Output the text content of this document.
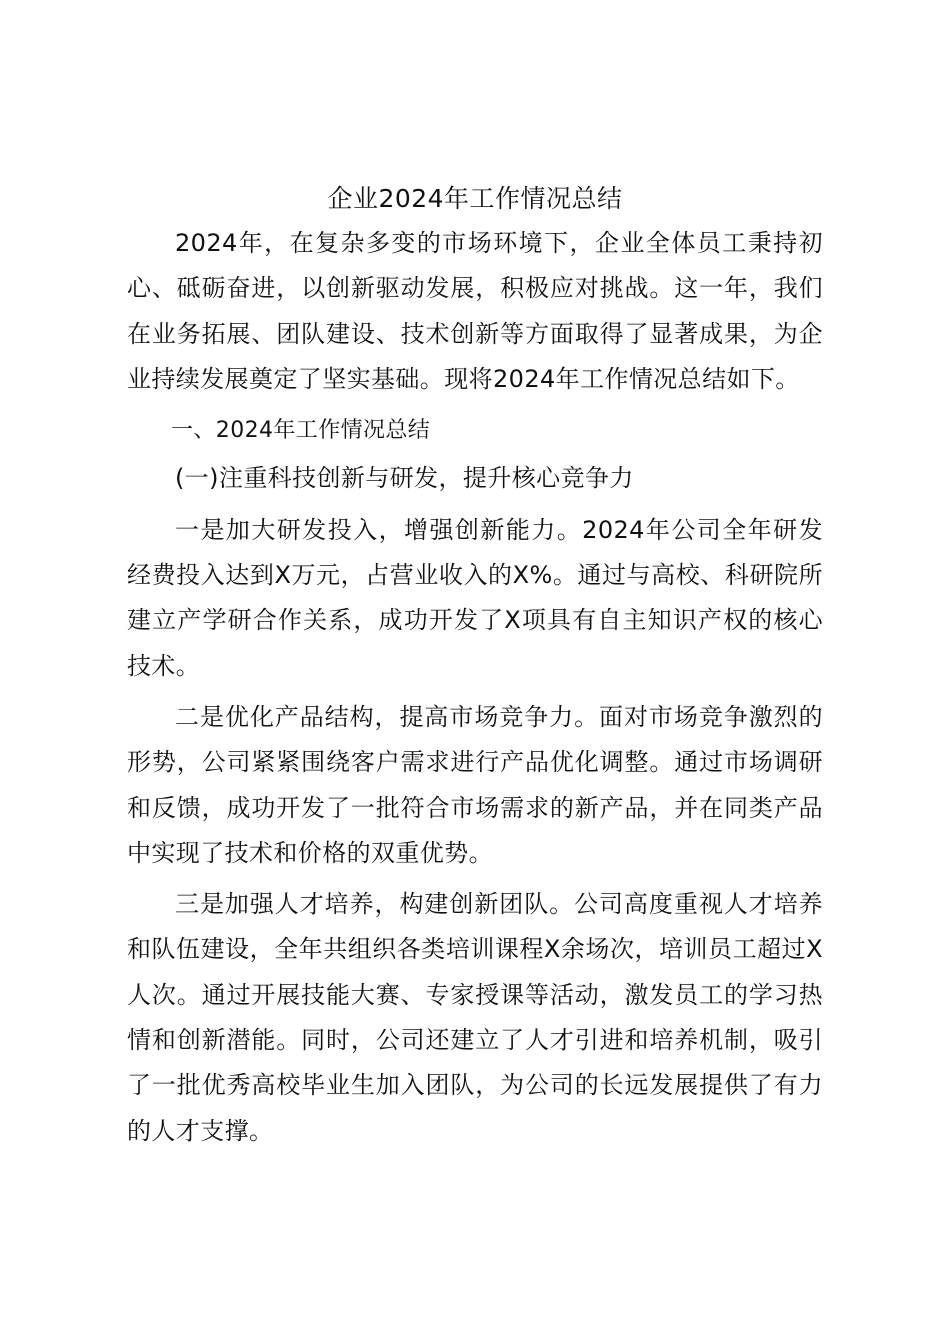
企业2024年工作情况总结

2024年，在复杂多变的市场环境下，企业全体员工秉持初心、砥砺奋进，以创新驱动发展，积极应对挑战。这一年，我们在业务拓展、团队建设、技术创新等方面取得了显著成果，为企业持续发展奠定了坚实基础。现将2024年工作情况总结如下。

一、2024年工作情况总结

(一)注重科技创新与研发，提升核心竞争力

一是加大研发投入，增强创新能力。2024年公司全年研发经费投入达到X万元，占营业收入的X%。通过与高校、科研院所建立产学研合作关系，成功开发了X项具有自主知识产权的核心技术。

二是优化产品结构，提高市场竞争力。面对市场竞争激烈的形势，公司紧紧围绕客户需求进行产品优化调整。通过市场调研和反馈，成功开发了一批符合市场需求的新产品，并在同类产品中实现了技术和价格的双重优势。

三是加强人才培养，构建创新团队。公司高度重视人才培养和队伍建设，全年共组织各类培训课程X余场次，培训员工超过X人次。通过开展技能大赛、专家授课等活动，激发员工的学习热情和创新潜能。同时，公司还建立了人才引进和培养机制，吸引了一批优秀高校毕业生加入团队，为公司的长远发展提供了有力的人才支撑。
